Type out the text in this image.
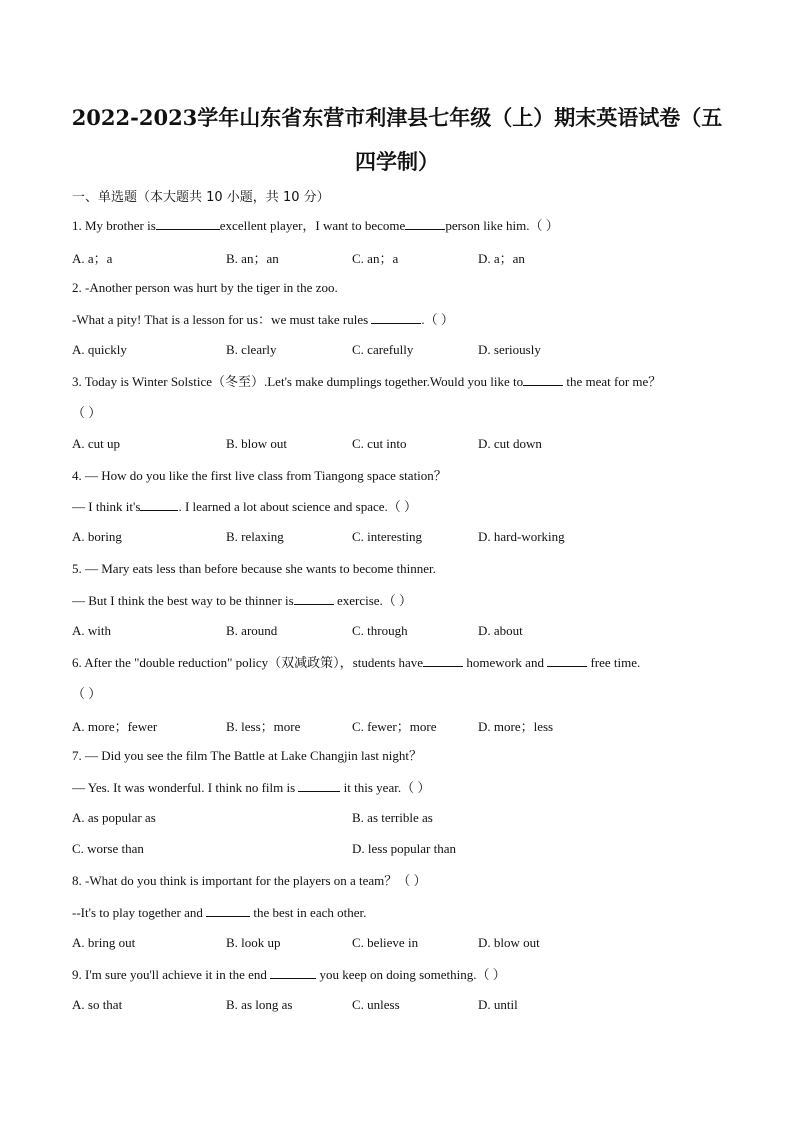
2022-2023学年山东省东营市利津县七年级（上）期末英语试卷（五
四学制）
一、单选题（本大题共 10 小题，共 10 分）
1. My brother is	excellent player，I want to become	person like him.（ ）
A. a；a	B. an；an	C. an；a	D. a；an
2. -Another person was hurt by the tiger in the zoo.
-What a pity! That is a lesson for us：we must take rules	.（ ）
A. quickly	B. clearly	C. carefully	D. seriously
3. Today is Winter Solstice（冬至）.Let's make dumplings together.Would you like to	the meat for me？
（ ）
A. cut up	B. blow out	C. cut into	D. cut down
4. — How do you like the first live class from Tiangong space station？
— I think it's	. I learned a lot about science and space.（ ）
A. boring	B. relaxing	C. interesting	D. hard-working
5. — Mary eats less than before because she wants to become thinner.
— But I think the best way to be thinner is	exercise.（ ）
A. with	B. around	C. through	D. about
6. After the "double reduction" policy（双减政策），students have	homework and	free time.
（ ）
A. more；fewer	B. less；more	C. fewer；more	D. more；less
7. — Did you see the film The Battle at Lake Changjin last night？
— Yes. It was wonderful. I think no film is	it this year.（ ）
A. as popular as	B. as terrible as
C. worse than	D. less popular than
8. -What do you think is important for the players on a team？（ ）
--It's to play together and	the best in each other.
A. bring out	B. look up	C. believe in	D. blow out
9. I'm sure you'll achieve it in the end	you keep on doing something.（ ）
A. so that	B. as long as	C. unless	D. until
